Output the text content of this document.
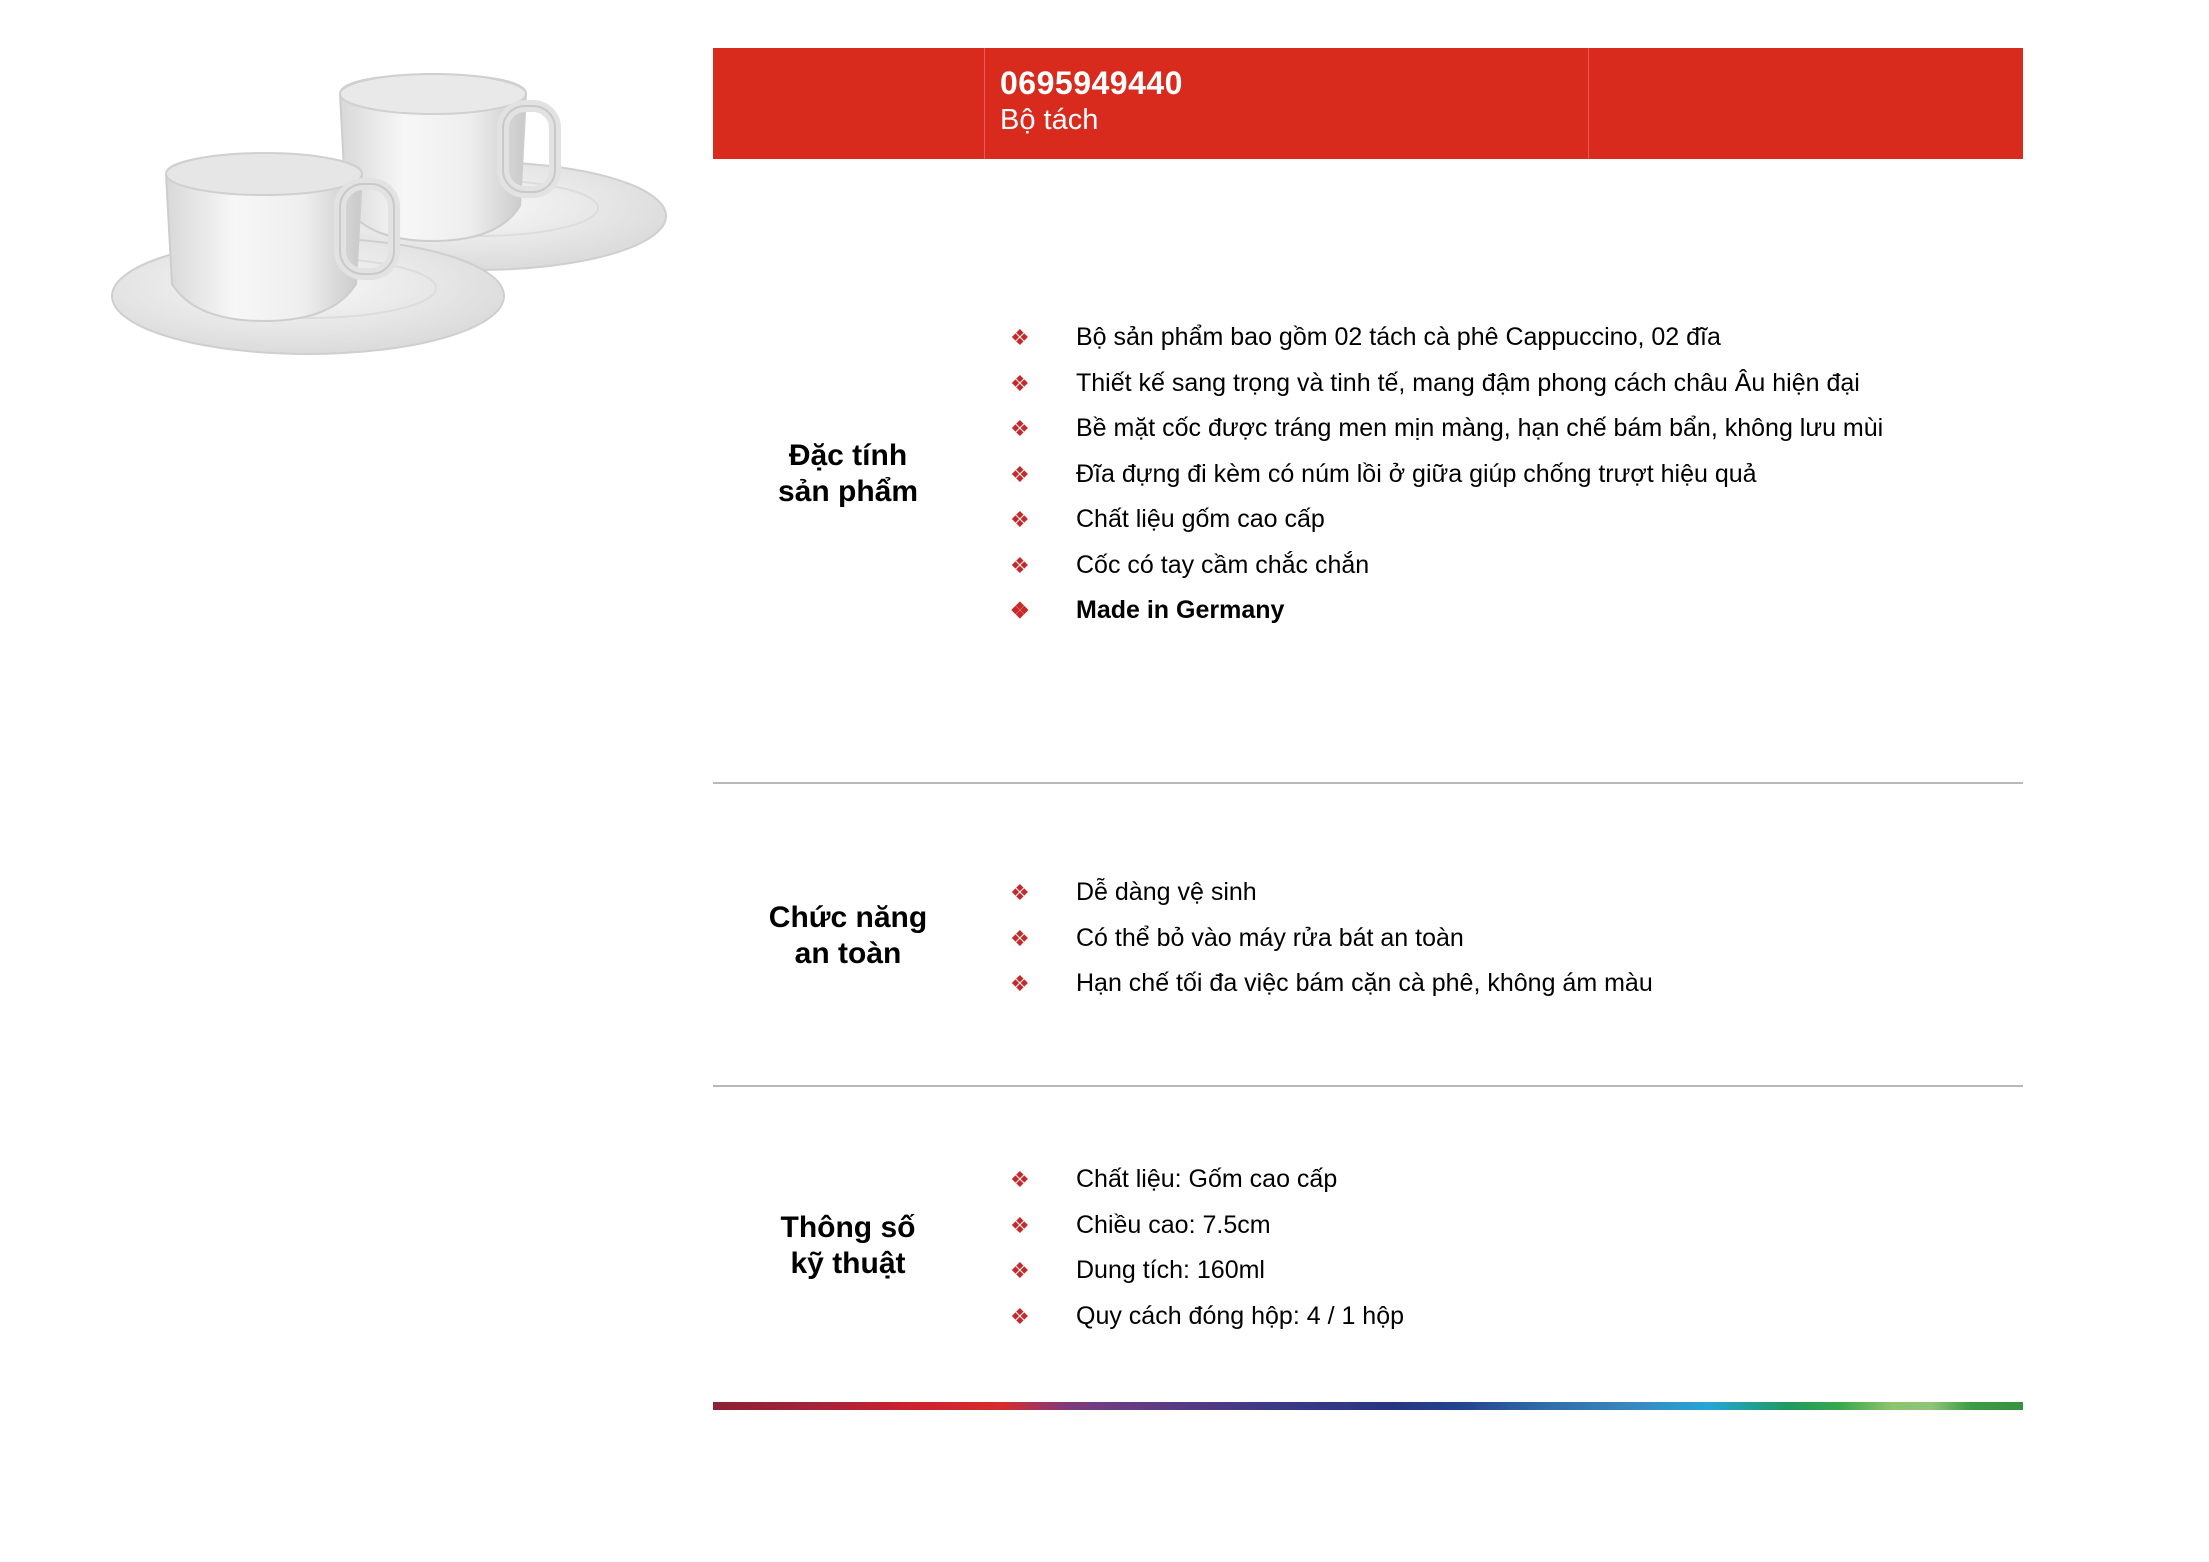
0695949440
Bộ tách
Đặc tính
sản phẩm
❖ Bộ sản phẩm bao gồm 02 tách cà phê Cappuccino, 02 đĩa
❖ Thiết kế sang trọng và tinh tế, mang đậm phong cách châu Âu hiện đại
❖ Bề mặt cốc được tráng men mịn màng, hạn chế bám bẩn, không lưu mùi
❖ Đĩa đựng đi kèm có núm lồi ở giữa giúp chống trượt hiệu quả
❖ Chất liệu gốm cao cấp
❖ Cốc có tay cầm chắc chắn
❖ Made in Germany
Chức năng
an toàn
❖ Dễ dàng vệ sinh
❖ Có thể bỏ vào máy rửa bát an toàn
❖ Hạn chế tối đa việc bám cặn cà phê, không ám màu
Thông số
kỹ thuật
❖ Chất liệu: Gốm cao cấp
❖ Chiều cao: 7.5cm
❖ Dung tích: 160ml
❖ Quy cách đóng hộp: 4 / 1 hộp
